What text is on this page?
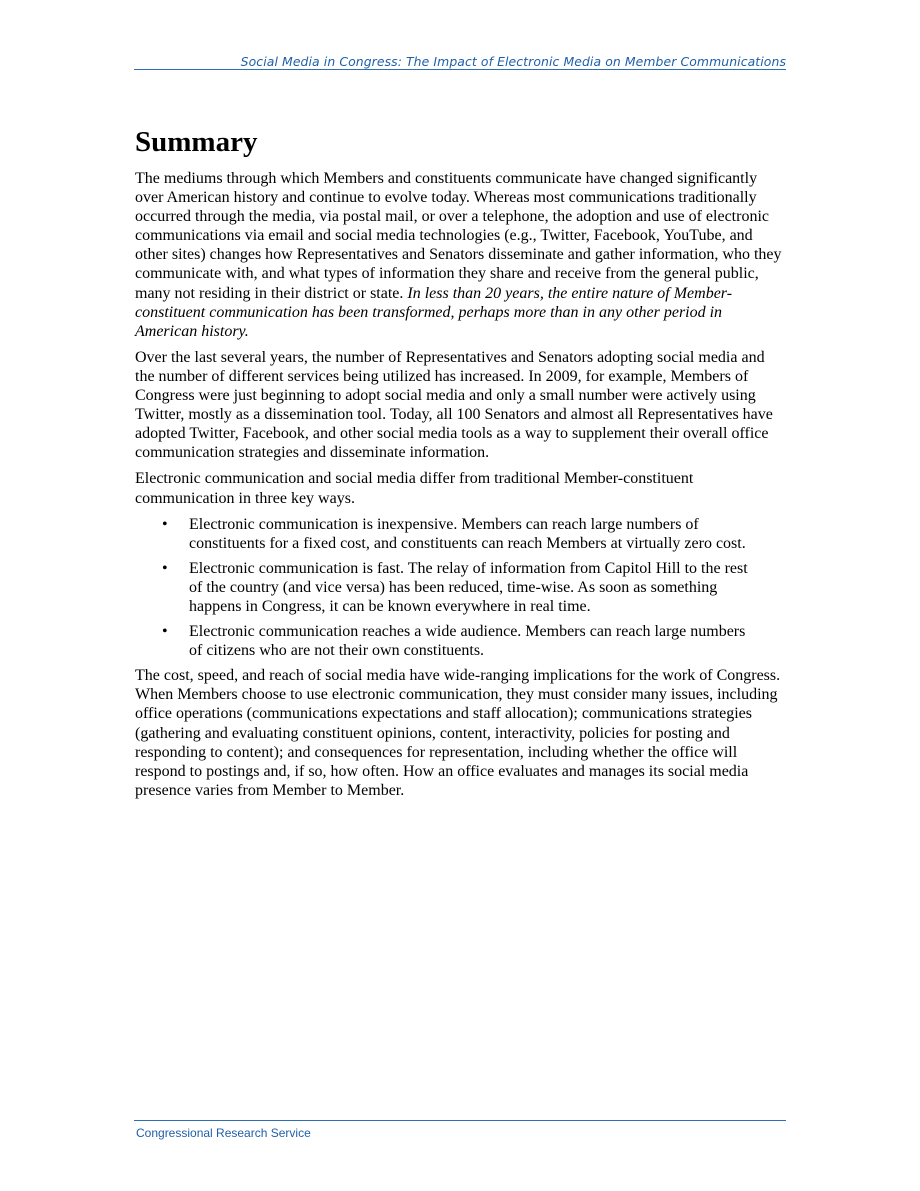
Social Media in Congress: The Impact of Electronic Media on Member Communications
Summary

The mediums through which Members and constituents communicate have changed significantly over American history and continue to evolve today. Whereas most communications traditionally occurred through the media, via postal mail, or over a telephone, the adoption and use of electronic communications via email and social media technologies (e.g., Twitter, Facebook, YouTube, and other sites) changes how Representatives and Senators disseminate and gather information, who they communicate with, and what types of information they share and receive from the general public, many not residing in their district or state. In less than 20 years, the entire nature of Member-constituent communication has been transformed, perhaps more than in any other period in American history.

Over the last several years, the number of Representatives and Senators adopting social media and the number of different services being utilized has increased. In 2009, for example, Members of Congress were just beginning to adopt social media and only a small number were actively using Twitter, mostly as a dissemination tool. Today, all 100 Senators and almost all Representatives have adopted Twitter, Facebook, and other social media tools as a way to supplement their overall office communication strategies and disseminate information.

Electronic communication and social media differ from traditional Member-constituent communication in three key ways.

• Electronic communication is inexpensive. Members can reach large numbers of constituents for a fixed cost, and constituents can reach Members at virtually zero cost.
• Electronic communication is fast. The relay of information from Capitol Hill to the rest of the country (and vice versa) has been reduced, time-wise. As soon as something happens in Congress, it can be known everywhere in real time.
• Electronic communication reaches a wide audience. Members can reach large numbers of citizens who are not their own constituents.

The cost, speed, and reach of social media have wide-ranging implications for the work of Congress. When Members choose to use electronic communication, they must consider many issues, including office operations (communications expectations and staff allocation); communications strategies (gathering and evaluating constituent opinions, content, interactivity, policies for posting and responding to content); and consequences for representation, including whether the office will respond to postings and, if so, how often. How an office evaluates and manages its social media presence varies from Member to Member.

Congressional Research Service
